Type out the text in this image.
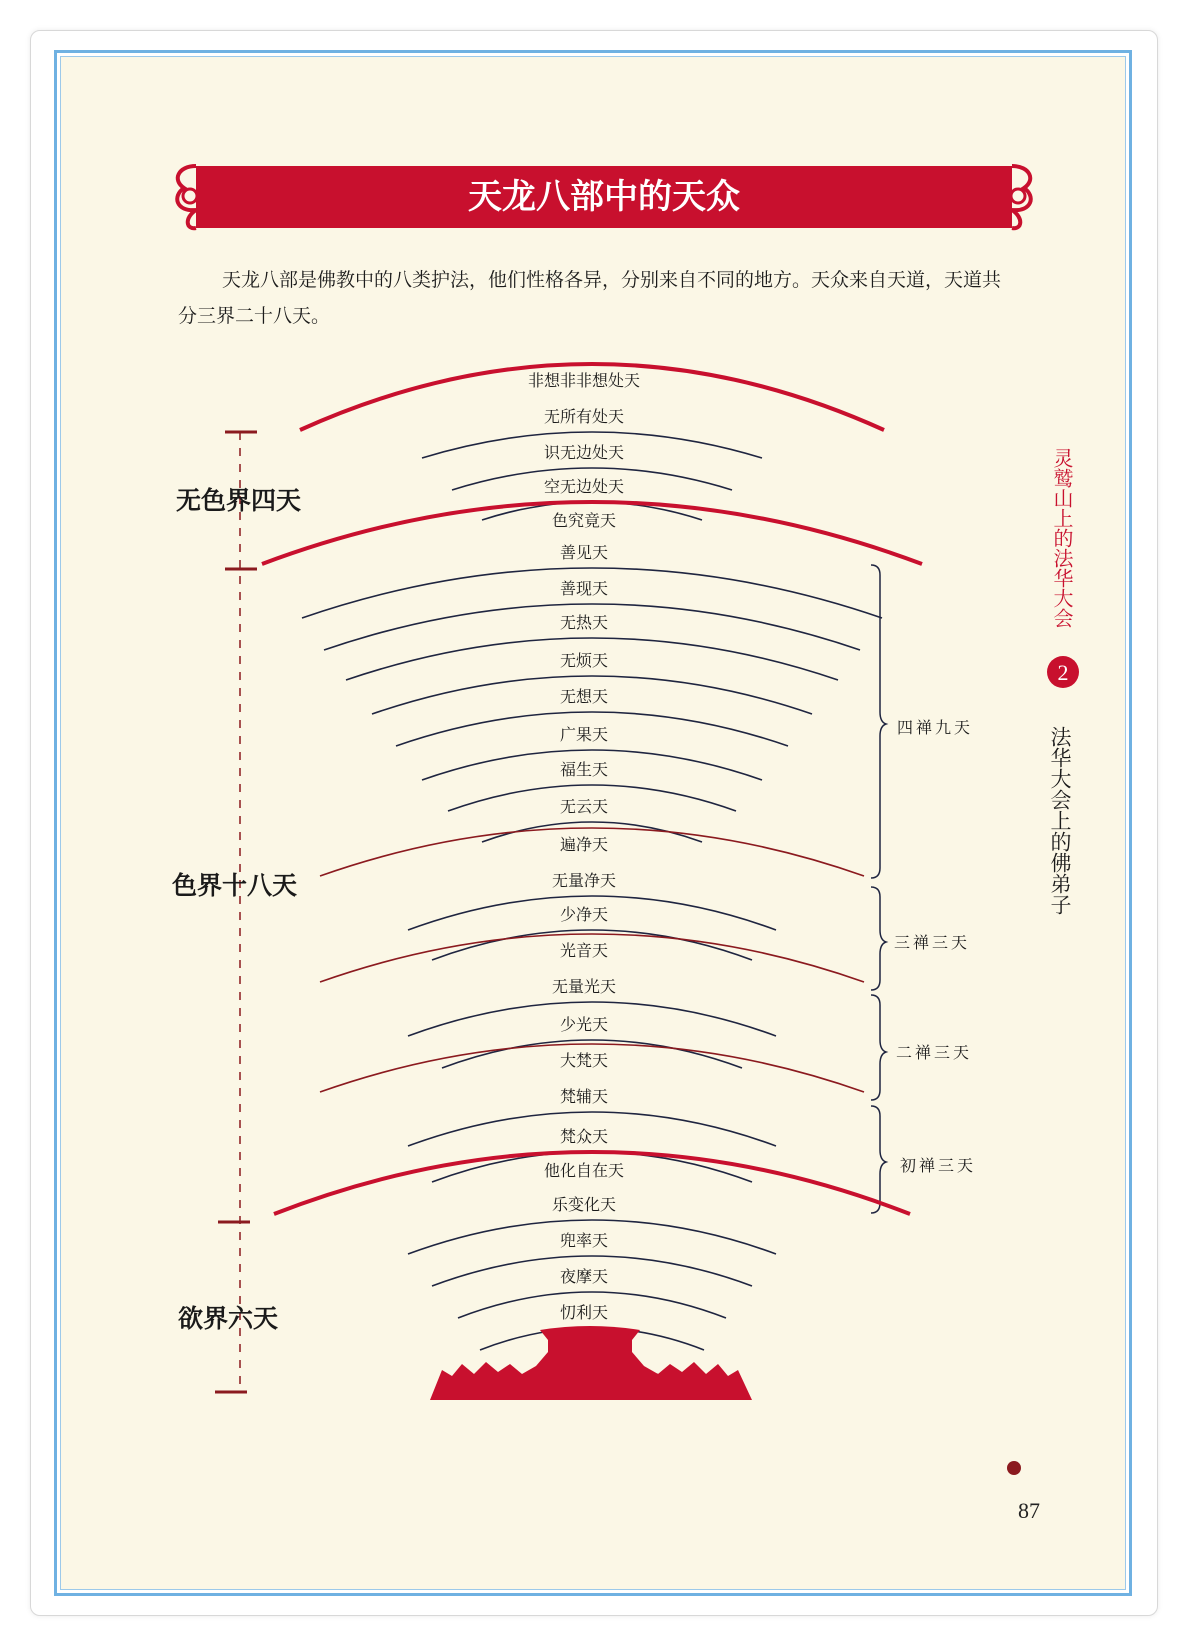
天龙八部中的天众
非想非非想处天
无所有处天
识无边处天
空无边处天
色究竟天
善见天
善现天
无热天
无烦天
无想天
广果天
福生天
无云天
遍净天
无量净天
少净天
光音天
无量光天
少光天
大梵天
梵辅天
梵众天
他化自在天
乐变化天
兜率天
夜摩天
忉利天
2

天龙八部是佛教中的八类护法，他们性格各异，分别来自不同的地方。天众来自天道，天道共分三界二十八天。

无色界四天
色界十八天
欲界六天
四禅九天
三禅三天
二禅三天
初禅三天
灵鹫山上的法华大会
法华大会上的佛弟子
87
